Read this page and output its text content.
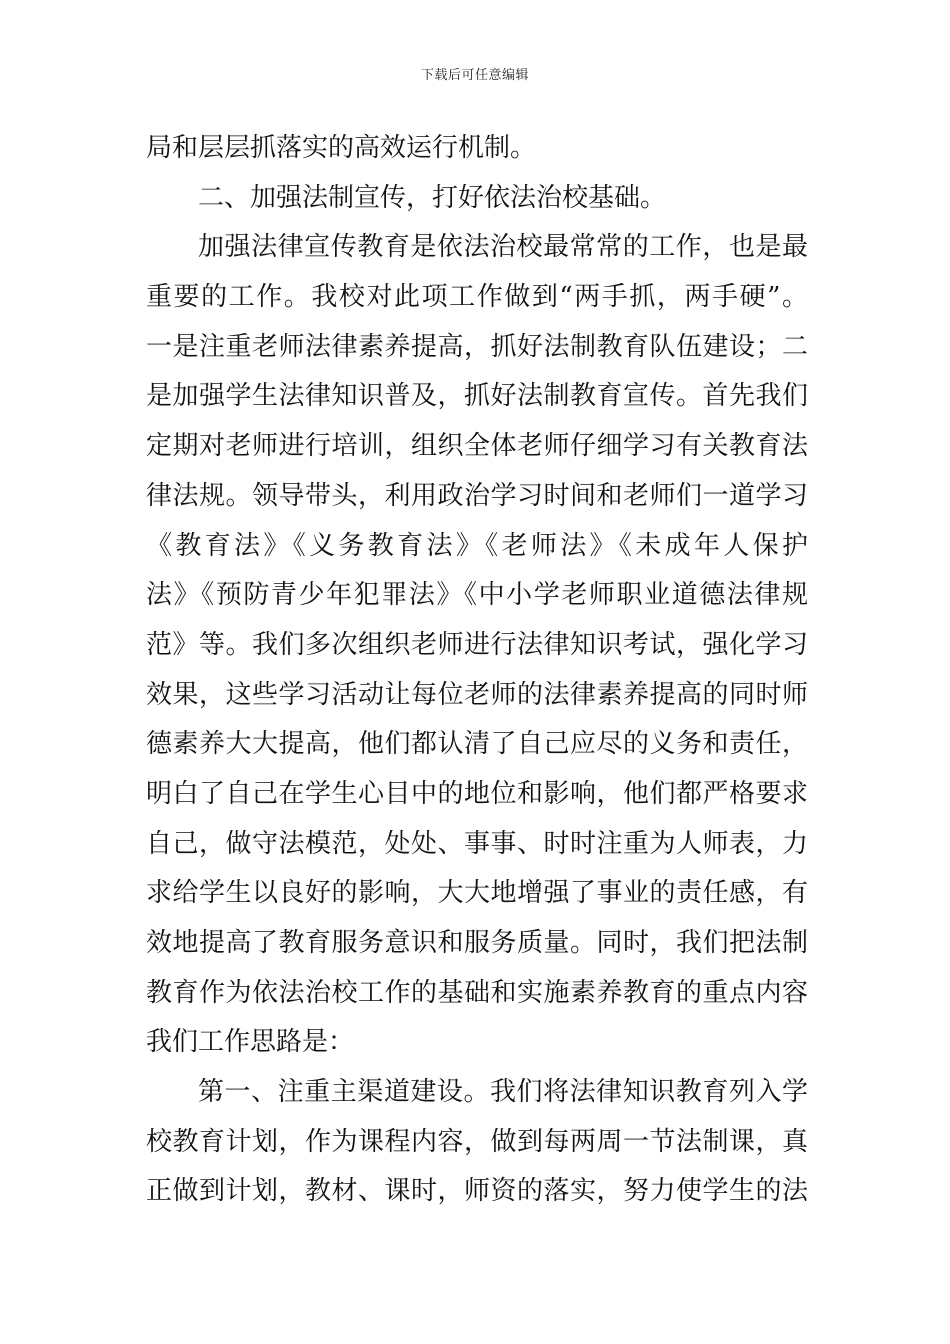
下载后可任意编辑
局和层层抓落实的高效运行机制。
二、加强法制宣传，打好依法治校基础。
加强法律宣传教育是依法治校最常常的工作，也是最
重要的工作。我校对此项工作做到“两手抓，两手硬”。
一是注重老师法律素养提高，抓好法制教育队伍建设；二
是加强学生法律知识普及，抓好法制教育宣传。首先我们
定期对老师进行培训，组织全体老师仔细学习有关教育法
律法规。领导带头，利用政治学习时间和老师们一道学习
《教育法》《义务教育法》《老师法》《未成年人保护
法》《预防青少年犯罪法》《中小学老师职业道德法律规
范》等。我们多次组织老师进行法律知识考试，强化学习
效果，这些学习活动让每位老师的法律素养提高的同时师
德素养大大提高，他们都认清了自己应尽的义务和责任，
明白了自己在学生心目中的地位和影响，他们都严格要求
自己，做守法模范，处处、事事、时时注重为人师表，力
求给学生以良好的影响，大大地增强了事业的责任感，有
效地提高了教育服务意识和服务质量。同时，我们把法制
教育作为依法治校工作的基础和实施素养教育的重点内容
我们工作思路是：
第一、注重主渠道建设。我们将法律知识教育列入学
校教育计划，作为课程内容，做到每两周一节法制课，真
正做到计划，教材、课时，师资的落实，努力使学生的法
